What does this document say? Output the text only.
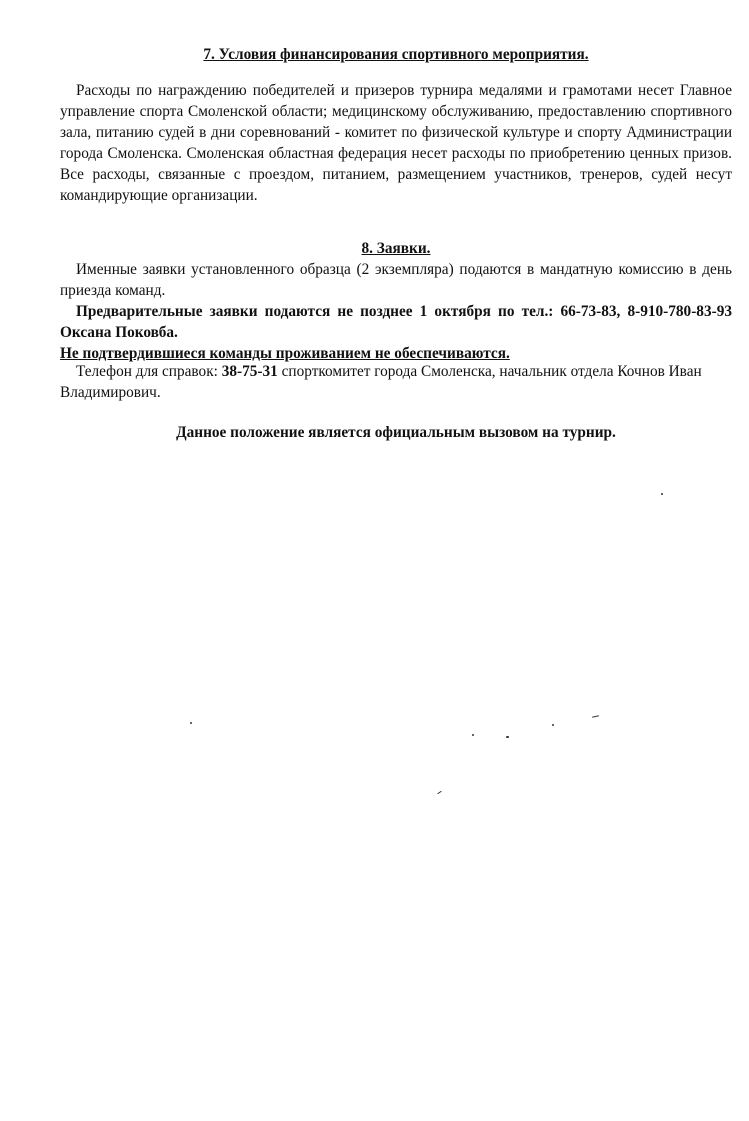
7. Условия финансирования спортивного мероприятия.
Расходы по награждению победителей и призеров турнира медалями и грамотами несет Главное управление спорта Смоленской области; медицинскому обслуживанию, предоставлению спортивного зала, питанию судей в дни соревнований - комитет по физической культуре и спорту Администрации города Смоленска. Смоленская областная федерация несет расходы по приобретению ценных призов. Все расходы, связанные с проездом, питанием, размещением участников, тренеров, судей несут командирующие организации.
8. Заявки.
Именные заявки установленного образца (2 экземпляра) подаются в мандатную комиссию в день приезда команд.
Предварительные заявки подаются не позднее 1 октября по тел.: 66-73-83, 8-910-780-83-93 Оксана Поковба.
Не подтвердившиеся команды проживанием не обеспечиваются.
Телефон для справок: 38-75-31 спорткомитет города Смоленска, начальник отдела Кочнов Иван Владимирович.
Данное положение является официальным вызовом на турнир.
